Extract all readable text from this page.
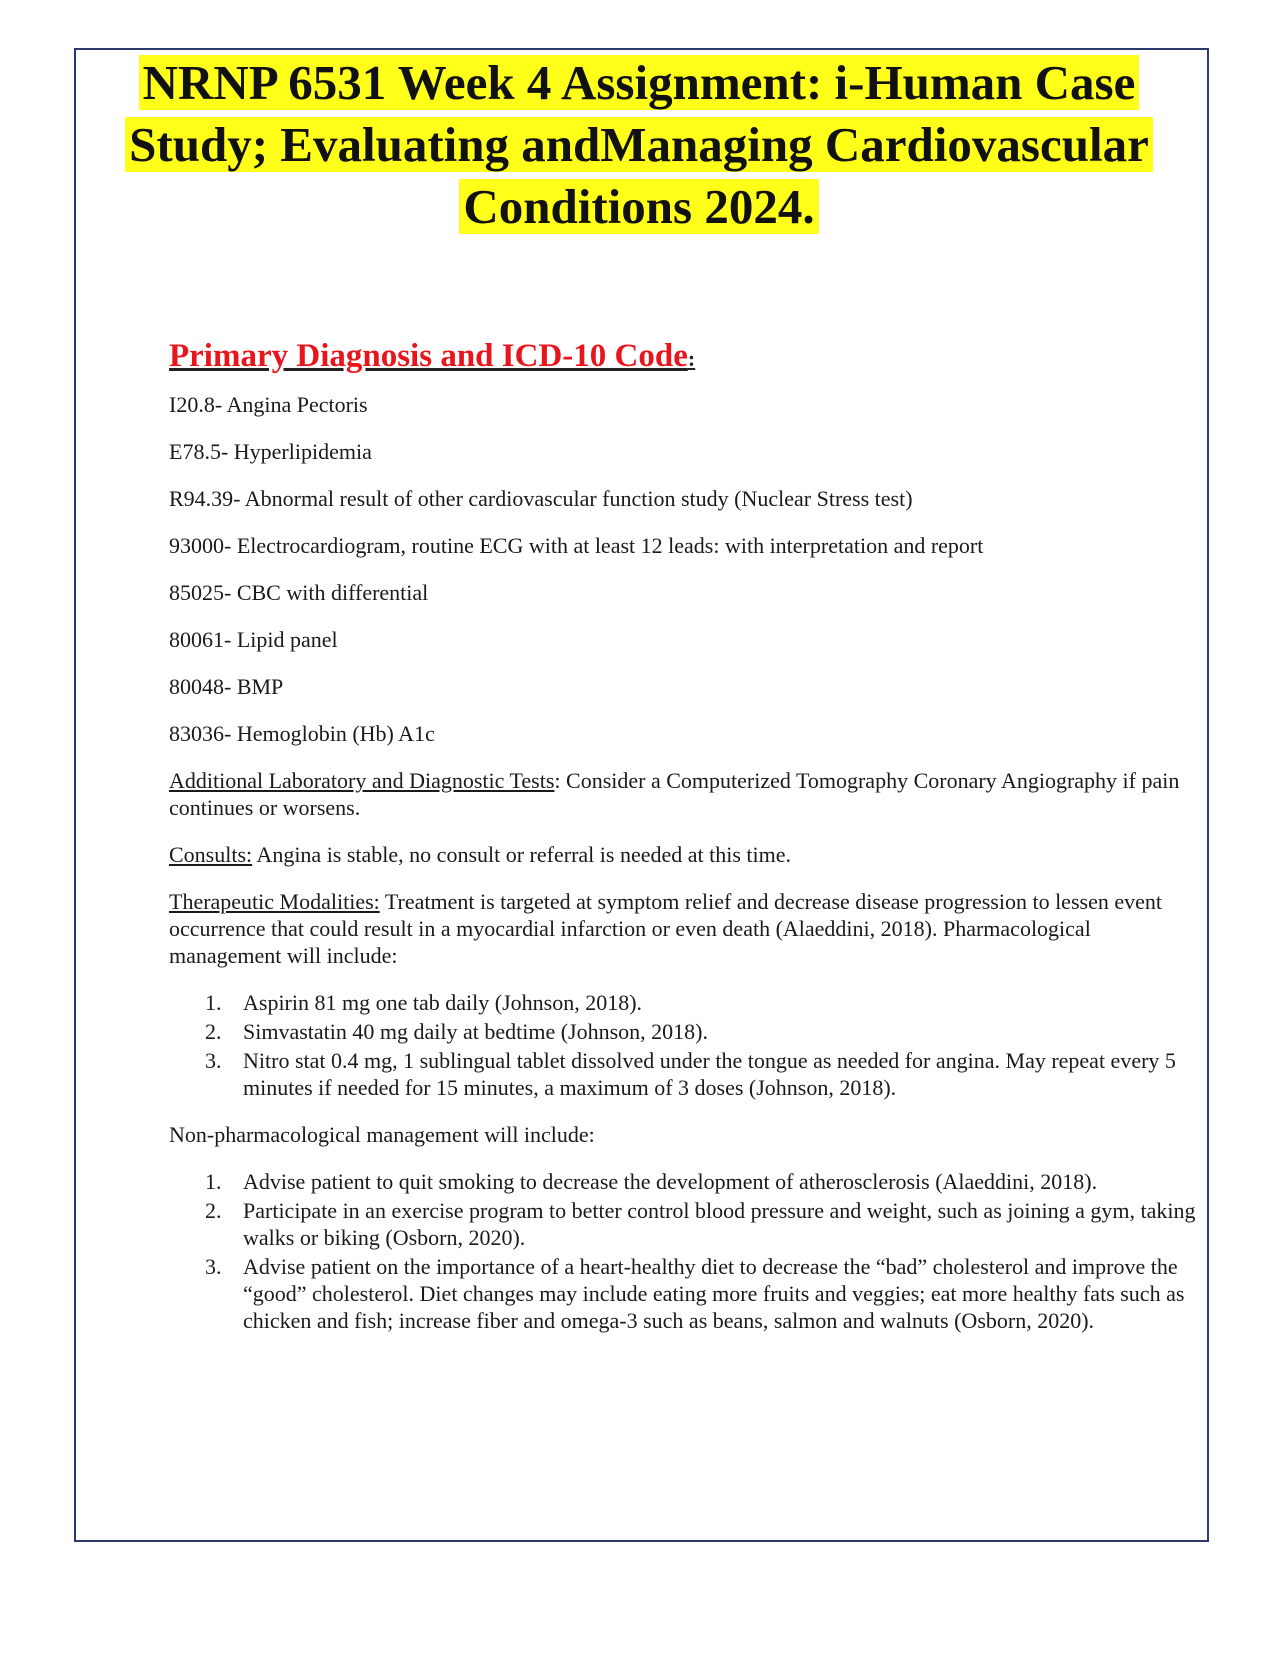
NRNP 6531 Week 4 Assignment: i-Human Case
Study; Evaluating andManaging Cardiovascular
Conditions 2024.
Primary Diagnosis and ICD-10 Code:

I20.8- Angina Pectoris

E78.5- Hyperlipidemia

R94.39- Abnormal result of other cardiovascular function study (Nuclear Stress test)

93000- Electrocardiogram, routine ECG with at least 12 leads: with interpretation and report

85025- CBC with differential

80061- Lipid panel

80048- BMP

83036- Hemoglobin (Hb) A1c

Additional Laboratory and Diagnostic Tests: Consider a Computerized Tomography Coronary Angiography if pain continues or worsens.

Consults: Angina is stable, no consult or referral is needed at this time.

Therapeutic Modalities: Treatment is targeted at symptom relief and decrease disease progression to lessen event occurrence that could result in a myocardial infarction or even death (Alaeddini, 2018). Pharmacological management will include:

1. Aspirin 81 mg one tab daily (Johnson, 2018).
2. Simvastatin 40 mg daily at bedtime (Johnson, 2018).
3. Nitro stat 0.4 mg, 1 sublingual tablet dissolved under the tongue as needed for angina. May repeat every 5 minutes if needed for 15 minutes, a maximum of 3 doses (Johnson, 2018).

Non-pharmacological management will include:

1. Advise patient to quit smoking to decrease the development of atherosclerosis (Alaeddini, 2018).
2. Participate in an exercise program to better control blood pressure and weight, such as joining a gym, taking walks or biking (Osborn, 2020).
3. Advise patient on the importance of a heart-healthy diet to decrease the “bad” cholesterol and improve the “good” cholesterol. Diet changes may include eating more fruits and veggies; eat more healthy fats such as chicken and fish; increase fiber and omega-3 such as beans, salmon and walnuts (Osborn, 2020).
